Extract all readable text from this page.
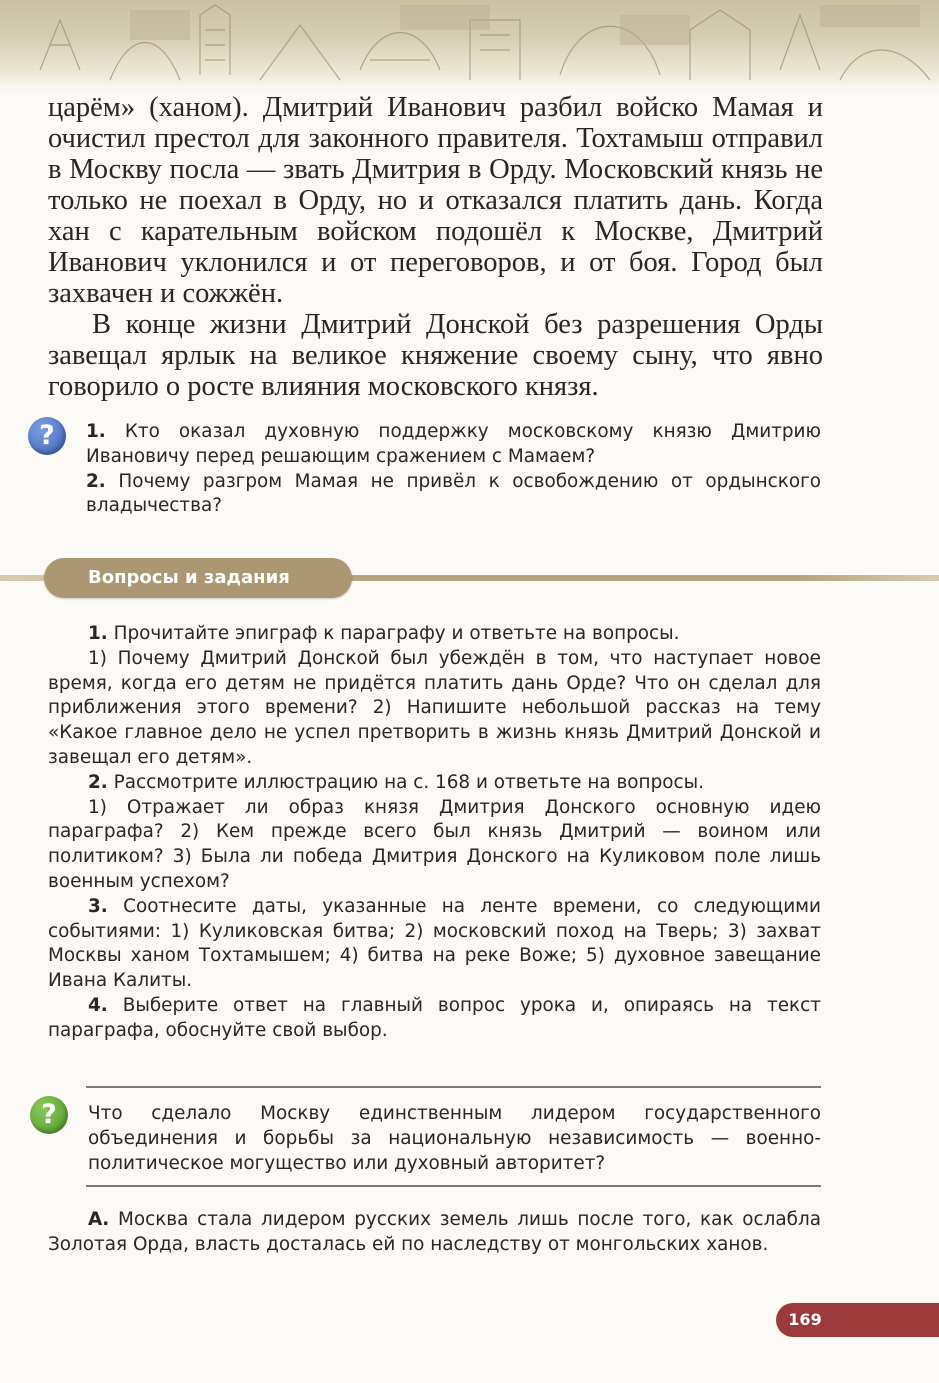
царём» (ханом). Дмитрий Иванович разбил войско Мамая и очистил престол для законного правителя. Тохтамыш отправил в Москву посла — звать Дмитрия в Орду. Московский князь не только не поехал в Орду, но и отказался платить дань. Когда хан с карательным войском подошёл к Москве, Дмитрий Иванович уклонился и от переговоров, и от боя. Город был захвачен и сожжён.

В конце жизни Дмитрий Донской без разрешения Орды завещал ярлык на великое княжение своему сыну, что явно говорило о росте влияния московского князя.

?	1. Кто оказал духовную поддержку московскому князю Дмитрию Ивановичу перед решающим сражением с Мамаем?

2. Почему разгром Мамая не привёл к освобождению от ордынского владычества?

Вопросы и задания

1. Прочитайте эпиграф к параграфу и ответьте на вопросы.

1) Почему Дмитрий Донской был убеждён в том, что наступает новое время, когда его детям не придётся платить дань Орде? Что он сделал для приближения этого времени? 2) Напишите небольшой рассказ на тему «Какое главное дело не успел претворить в жизнь князь Дмитрий Донской и завещал его детям».

2. Рассмотрите иллюстрацию на с. 168 и ответьте на вопросы.

1) Отражает ли образ князя Дмитрия Донского основную идею параграфа? 2) Кем прежде всего был князь Дмитрий — воином или политиком? 3) Была ли победа Дмитрия Донского на Куликовом поле лишь военным успехом?

3. Соотнесите даты, указанные на ленте времени, со следующими событиями: 1) Куликовская битва; 2) московский поход на Тверь; 3) захват Москвы ханом Тохтамышем; 4) битва на реке Воже; 5) духовное завещание Ивана Калиты.

4. Выберите ответ на главный вопрос урока и, опираясь на текст параграфа, обоснуйте свой выбор.

?	Что сделало Москву единственным лидером государственного объединения и борьбы за национальную независимость — военно-политическое могущество или духовный авторитет?

А. Москва стала лидером русских земель лишь после того, как ослабла Золотая Орда, власть досталась ей по наследству от монгольских ханов.

169
